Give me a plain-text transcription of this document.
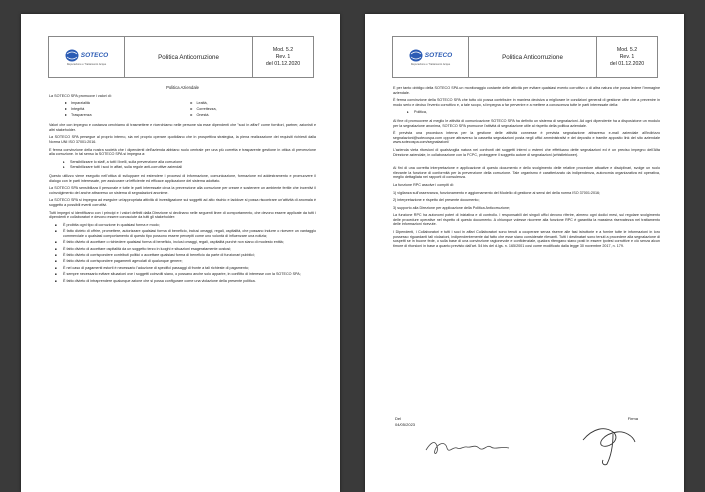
SOTECO
Depurazione e Trattamento Acque
Politica Anticorruzione
Mod. 5.2
Rev. 1
del 01.12.2020

Politica Aziendale

La SOTECO SPA promuove i valori di:

▸ Imparzialità
▸ Integrità
▸ Trasparenza
▸ Lealtà,
▸ Correttezza,
▸ Onestà.

Valori che con impegno e costanza cerchiamo di trasmettere e ricerchiamo nelle persone sia esse dipendenti che "soci in affari" come fornitori, partner, azionisti e altri stakeholder.

La SOTECO SPA persegue al proprio interno, sia nel proprio operare quotidiano che in prospettiva strategica, la piena realizzazione dei requisiti richiesti dalla Norma UNI ISO 37001:2016.

E ferma convinzione della nostra società che i dipendenti dell'azienda abbiano ruolo centrale per una più corretta e trasparente gestione in ottica di prevenzione alla corruzione. In tal senso la SOTECO SPA si impegna a:

▸ Sensibilizzare lo staff, a tutti i livelli, sulla prevenzione alla corruzione
▸ Sensibilizzare tutti i soci in affari, sulla regole anti-corruttive aziendali

Questo utilizzo viene eseguito nell'ottica di sviluppare ed estendere i processi di informazione, comunicazione, formazione ed addestramento e promuovere il dialogo con le parti interessate, per assicurare un'efficiente ed efficace applicazione del sistema adottato.

La SOTECO SPA sensibilizza il personale e tutte le parti interessate circa la prevenzione alla corruzione per creare e sostenere un ambiente fertile che incentivi il coinvolgimento del anche attraverso un sistema di segnalazioni anonime.

La SOTECO SPA si impegna ad eseguire un'appropriata attività di investigazione sui soggetti ad alto rischio e laddove si possa riscontrare un'attività di anomala è soggetto a possibili eventi corruttivi.

Tutti impegni si identificano con i principi e i valori definiti dalla Direzione si declinano nelle seguenti linee di comportamento, che devono essere applicate da tutti i dipendenti e collaboratori e devono essere conosciute da tutti gli stakeholder:

■ È proibita ogni tipo di corruzione in qualsiasi forma e modo;
■ È fatto divieto di offrire, promettere, autorizzare qualsiasi forma di beneficio, inclusi omaggi, regali, ospitalità, che possano indurre o ricevere un vantaggio commerciale o qualsiasi comportamento di questo tipo possono essere percepiti come uno volontà di influenzare una notizia;
■ È fatto divieto di accettare o richiedere qualsiasi forma di beneficio, inclusi omaggi, regali, ospitalità purché non siano di modesto entità;
■ È fatto divieto di accettare ospitalità da un soggetto terzo in luoghi e situazioni esageratamente costosi;
■ È fatto divieto di corrispondere contributi politici o accettare qualsiasi forma di beneficio da parte di funzionari pubblici;
■ È fatto divieto di corrispondere pagamenti agevolati di qualunque genere;
■ È nel caso di pagamenti estorti è necessario l'adozione di specifici passaggi di fronte a tali richieste di pagamento;
■ È sempre necessario evitare situazioni ove i soggetti coinvolti siano, o possano anche solo apparire, in conflitto di interesse con la SOTECO SPA;
■ È fatto divieto di intraprendere qualunque azione che si possa configurare come una violazione della presente politica.
SOTECO
Depurazione e Trattamento Acque
Politica Anticorruzione
Mod. 5.2
Rev. 1
del 01.12.2020

E per tanto obbligo della SOTECO SPA un monitoraggio costante delle attività per evitare qualsiasi evento corruttivo o di altra natura che possa ledere l'immagine aziendale.

È ferma convinzione della SOTECO SPA che tutto ciò possa contribuire in maniera decisiva a migliorare le condizioni generali di gestione oltre che a prevenire in modo serio e deciso l'evento corruttivo e, a tale scopo, si impegna a far pervenire e a mettere a conoscenza tutte le parti interessate della:

▸ Politica,

Al fine di promuovere al meglio le attività di comunicazione SOTECO SPA ha definito un sistema di segnalazioni. Ad ogni dipendente ha a disposizione un modulo per la segnalazione anonima, SOTECO SPA promuove l'attività di segnalazione utile al rispetto della politica aziendale.

È prevista una procedura interna per la gestione delle attività connesse è prevista segnalazione attraverso e-mail aziendale all'indirizzo segnalazioni@sotecospa.com oppure attraverso la cassetta segnalazioni posta negli uffici amministrativi e del deposito e tramite apposito link del sito aziendale www.sotecospa.com/segnalazioni/

L'azienda vieta ritorsioni di qualsivoglia natura nei confronti dei soggetti interni o esterni che effettuano dette segnalazioni ed è un preciso impegno dell'Alta Direzione aziendale, in collaborazione con la FCPC, proteggere il soggetto autore di segnalazioni (whistleblower).

Ai fini di una corretta interpretazione e applicazione di questo documento e dello svolgimento delle relative procedure attuative e disciplinari, svolge un ruolo rilevante la funzione di conformità per la prevenzione della corruzione. Tale organismo è caratterizzato da indipendenza, autonomia organizzativa ed operativa, meglio dettagliata nei rapporti di consulenza.

La funzione RPC assolve i compiti di:

1) vigilanza sull'osservanza, funzionamento e aggiornamento del Modello di gestione ai sensi del della norma ISO 37001:2016;
2) interpretazione e rispetto del presente documento;
3) supporto alla Direzione per applicazione della Politica Anticorruzione;

La funzione RPC ha autonomi poteri di iniziativa e di controllo. I responsabili dei singoli uffici devono riferire, almeno ogni dodici mesi, sul regolare svolgimento delle procedure operative nel rispetto di questo documento. A chiunque volesse ricorrere alla funzione RPC è garantita la massima riservatezza nel trattamento delle informazioni ricevute.

I Dipendenti, i Collaboratori e tutti i soci in affari Collaboratori sono tenuti a cooperare senza riserve alle fasi istruttorie e a fornire tutte le informazioni in loro possesso riguardanti tali violazioni, indipendentemente dal fatto che esse siano considerate rilevanti. Tutti i destinatari sono tenuti a procedere alla segnalazione di sospetti se in buone fede, o sulla base di una convinzione ragionevole e confidenziale, qualora ritengano siano posti in essere ipotesi corruttive e ciò senza alcun timore di ritorsioni in base a quanto previsto dall'art. 54 bis del d.lgs. n. 165/2001 così come modificato dalla legge 30 novembre 2017, n. 179.

Del
04/05/2023
Firma
